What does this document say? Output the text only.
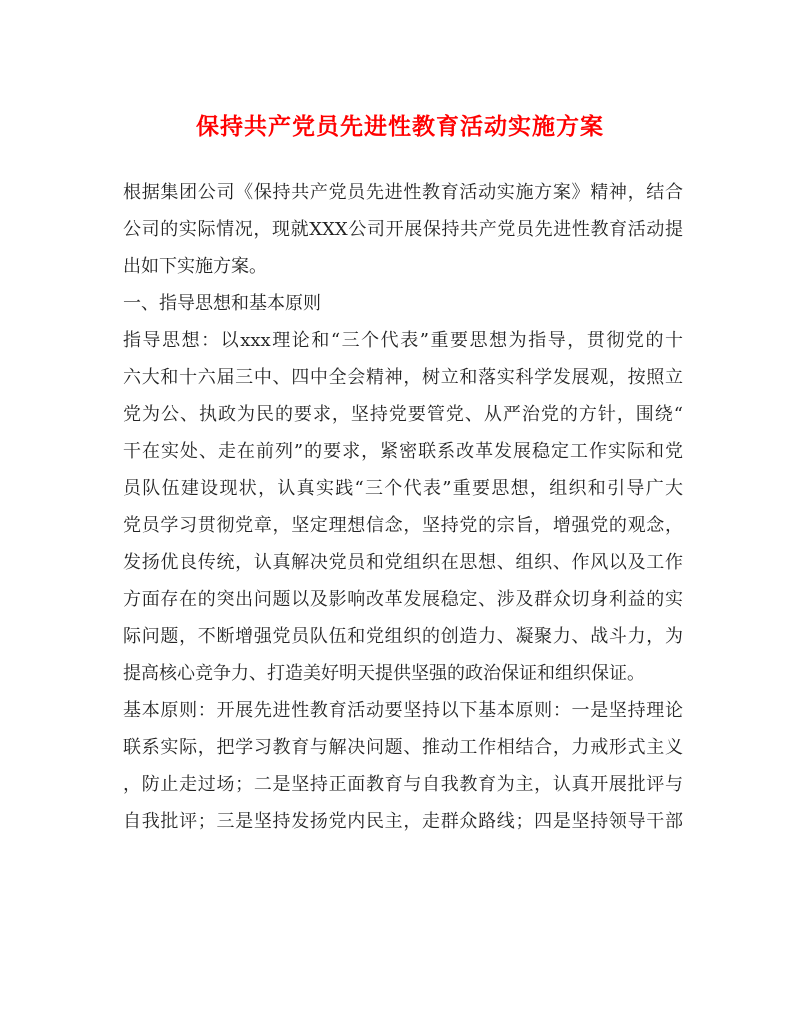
保持共产党员先进性教育活动实施方案
根据集团公司《保持共产党员先进性教育活动实施方案》精神，结合
公司的实际情况，现就XXX公司开展保持共产党员先进性教育活动提
出如下实施方案。
一、指导思想和基本原则
指导思想：以xxx理论和“三个代表”重要思想为指导，贯彻党的十
六大和十六届三中、四中全会精神，树立和落实科学发展观，按照立
党为公、执政为民的要求，坚持党要管党、从严治党的方针，围绕“
干在实处、走在前列”的要求，紧密联系改革发展稳定工作实际和党
员队伍建设现状，认真实践“三个代表”重要思想，组织和引导广大
党员学习贯彻党章，坚定理想信念，坚持党的宗旨，增强党的观念，
发扬优良传统，认真解决党员和党组织在思想、组织、作风以及工作
方面存在的突出问题以及影响改革发展稳定、涉及群众切身利益的实
际问题，不断增强党员队伍和党组织的创造力、凝聚力、战斗力，为
提高核心竞争力、打造美好明天提供坚强的政治保证和组织保证。
基本原则：开展先进性教育活动要坚持以下基本原则：一是坚持理论
联系实际，把学习教育与解决问题、推动工作相结合，力戒形式主义
，防止走过场；二是坚持正面教育与自我教育为主，认真开展批评与
自我批评；三是坚持发扬党内民主，走群众路线；四是坚持领导干部
